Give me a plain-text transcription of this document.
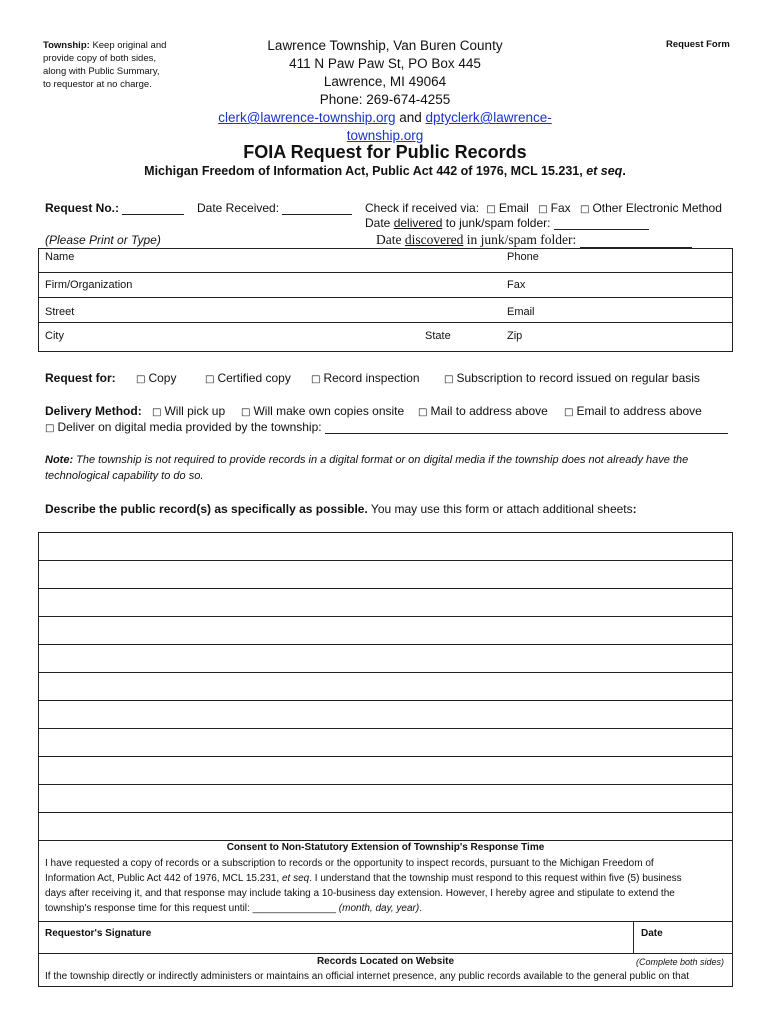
Township: Keep original and
provide copy of both sides,
along with Public Summary,
to requestor at no charge.
Lawrence Township, Van Buren County
411 N Paw Paw St, PO Box 445
Lawrence, MI 49064
Phone: 269-674-4255
clerk@lawrence-township.org and dptyclerk@lawrence-township.org
Request Form
FOIA Request for Public Records
Michigan Freedom of Information Act, Public Act 442 of 1976, MCL 15.231, et seq.
Request No.:	Date Received:	Check if received via: □ Email □ Fax □ Other Electronic Method
Date delivered to junk/spam folder:
Date discovered in junk/spam folder:
(Please Print or Type)
Name	Phone
Firm/Organization	Fax
Street	Email
City	State	Zip
Request for: □ Copy	□ Certified copy □ Record inspection □ Subscription to record issued on regular basis
Delivery Method: □ Will pick up □ Will make own copies onsite □ Mail to address above □ Email to address above
□ Deliver on digital media provided by the township:
Note: The township is not required to provide records in a digital format or on digital media if the township does not already have the
technological capability to do so.
Describe the public record(s) as specifically as possible. You may use this form or attach additional sheets:
Consent to Non-Statutory Extension of Township's Response Time
I have requested a copy of records or a subscription to records or the opportunity to inspect records, pursuant to the Michigan Freedom of
Information Act, Public Act 442 of 1976, MCL 15.231, et seq. I understand that the township must respond to this request within five (5) business
days after receiving it, and that response may include taking a 10-business day extension. However, I hereby agree and stipulate to extend the
township's response time for this request until: _______________ (month, day, year).
Requestor's Signature	Date
Records Located on Website	(Complete both sides)
If the township directly or indirectly administers or maintains an official internet presence, any public records available to the general public on that
